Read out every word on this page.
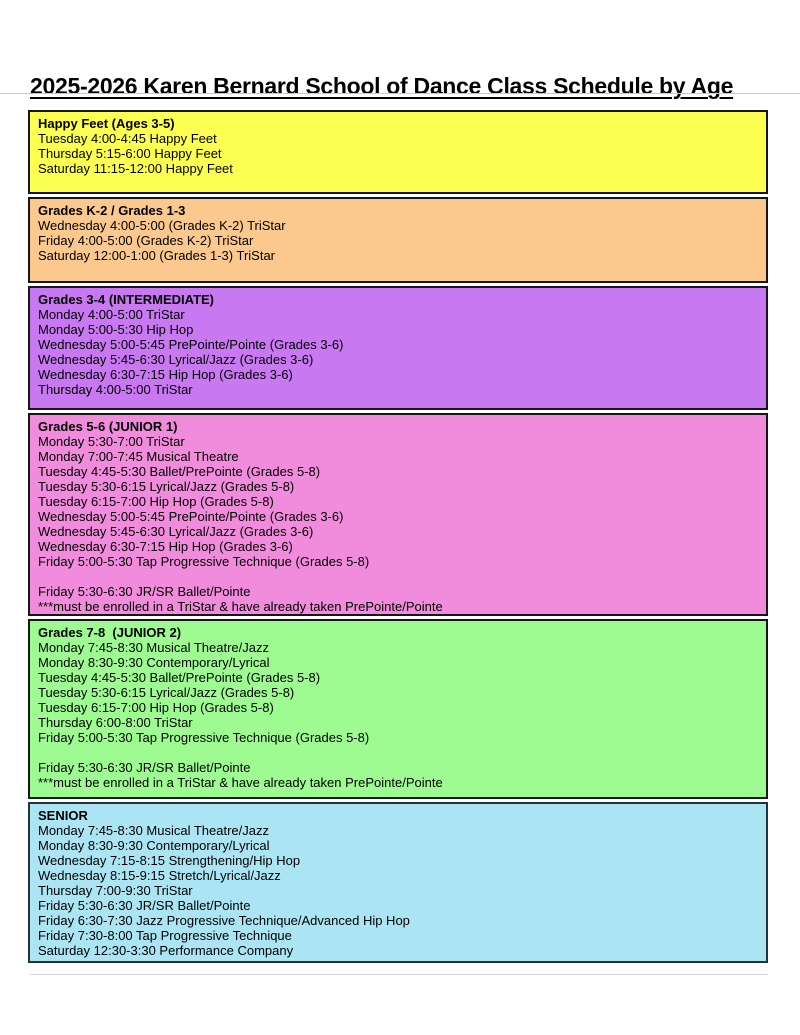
2025-2026 Karen Bernard School of Dance Class Schedule by Age
Happy Feet (Ages 3-5)
Tuesday 4:00-4:45 Happy Feet
Thursday 5:15-6:00 Happy Feet
Saturday 11:15-12:00 Happy Feet
Grades K-2 / Grades 1-3
Wednesday 4:00-5:00 (Grades K-2) TriStar
Friday 4:00-5:00 (Grades K-2) TriStar
Saturday 12:00-1:00 (Grades 1-3) TriStar
Grades 3-4 (INTERMEDIATE)
Monday 4:00-5:00 TriStar
Monday 5:00-5:30 Hip Hop
Wednesday 5:00-5:45 PrePointe/Pointe (Grades 3-6)
Wednesday 5:45-6:30 Lyrical/Jazz (Grades 3-6)
Wednesday 6:30-7:15 Hip Hop (Grades 3-6)
Thursday 4:00-5:00 TriStar
Grades 5-6 (JUNIOR 1)
Monday 5:30-7:00 TriStar
Monday 7:00-7:45 Musical Theatre
Tuesday 4:45-5:30 Ballet/PrePointe (Grades 5-8)
Tuesday 5:30-6:15 Lyrical/Jazz (Grades 5-8)
Tuesday 6:15-7:00 Hip Hop (Grades 5-8)
Wednesday 5:00-5:45 PrePointe/Pointe (Grades 3-6)
Wednesday 5:45-6:30 Lyrical/Jazz (Grades 3-6)
Wednesday 6:30-7:15 Hip Hop (Grades 3-6)
Friday 5:00-5:30 Tap Progressive Technique (Grades 5-8)
Friday 5:30-6:30 JR/SR Ballet/Pointe
***must be enrolled in a TriStar & have already taken PrePointe/Pointe
Grades 7-8  (JUNIOR 2)
Monday 7:45-8:30 Musical Theatre/Jazz
Monday 8:30-9:30 Contemporary/Lyrical
Tuesday 4:45-5:30 Ballet/PrePointe (Grades 5-8)
Tuesday 5:30-6:15 Lyrical/Jazz (Grades 5-8)
Tuesday 6:15-7:00 Hip Hop (Grades 5-8)
Thursday 6:00-8:00 TriStar
Friday 5:00-5:30 Tap Progressive Technique (Grades 5-8)
Friday 5:30-6:30 JR/SR Ballet/Pointe
***must be enrolled in a TriStar & have already taken PrePointe/Pointe
SENIOR
Monday 7:45-8:30 Musical Theatre/Jazz
Monday 8:30-9:30 Contemporary/Lyrical
Wednesday 7:15-8:15 Strengthening/Hip Hop
Wednesday 8:15-9:15 Stretch/Lyrical/Jazz
Thursday 7:00-9:30 TriStar
Friday 5:30-6:30 JR/SR Ballet/Pointe
Friday 6:30-7:30 Jazz Progressive Technique/Advanced Hip Hop
Friday 7:30-8:00 Tap Progressive Technique
Saturday 12:30-3:30 Performance Company
